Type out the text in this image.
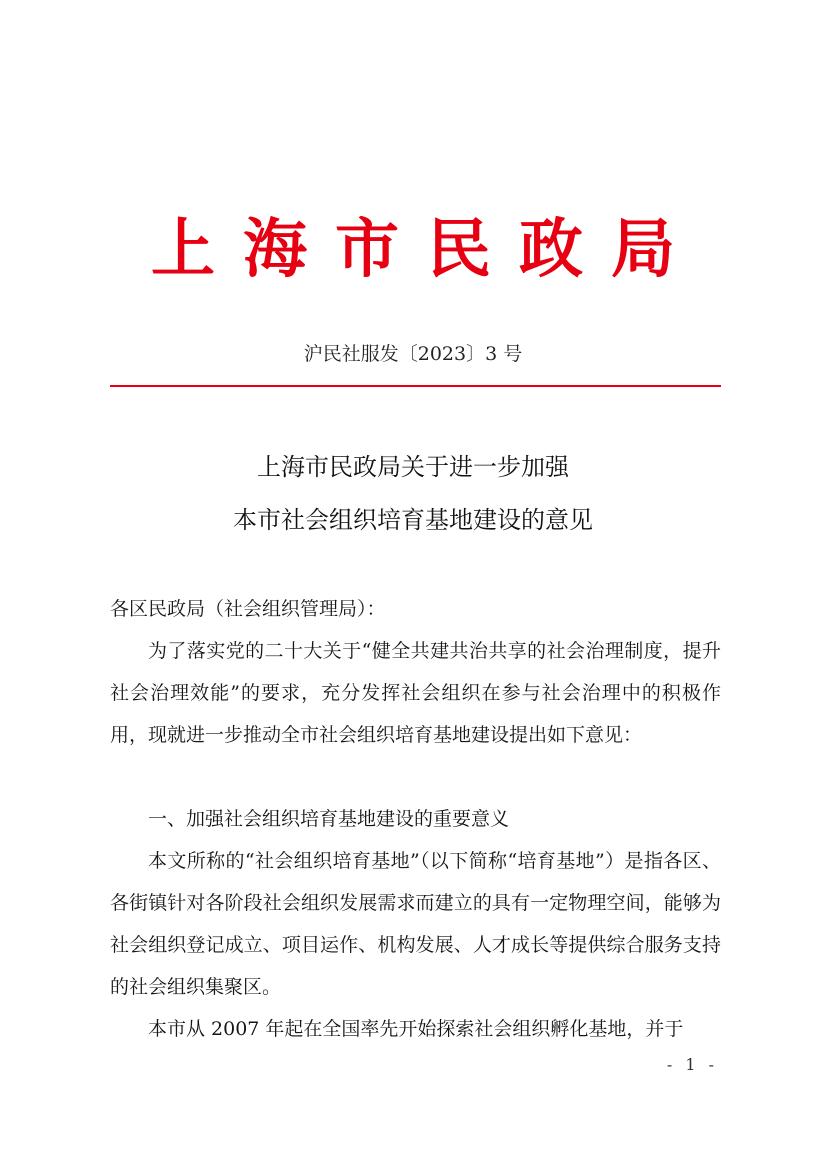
上海市民政局
沪民社服发〔2023〕3 号
上海市民政局关于进一步加强
本市社会组织培育基地建设的意见
各区民政局（社会组织管理局）：

为了落实党的二十大关于“健全共建共治共享的社会治理制度，提升社会治理效能”的要求，充分发挥社会组织在参与社会治理中的积极作用，现就进一步推动全市社会组织培育基地建设提出如下意见：

一、加强社会组织培育基地建设的重要意义

本文所称的“社会组织培育基地”（以下简称“培育基地”）是指各区、各街镇针对各阶段社会组织发展需求而建立的具有一定物理空间，能够为社会组织登记成立、项目运作、机构发展、人才成长等提供综合服务支持的社会组织集聚区。

本市从 2007 年起在全国率先开始探索社会组织孵化基地，并于

- 1 -
